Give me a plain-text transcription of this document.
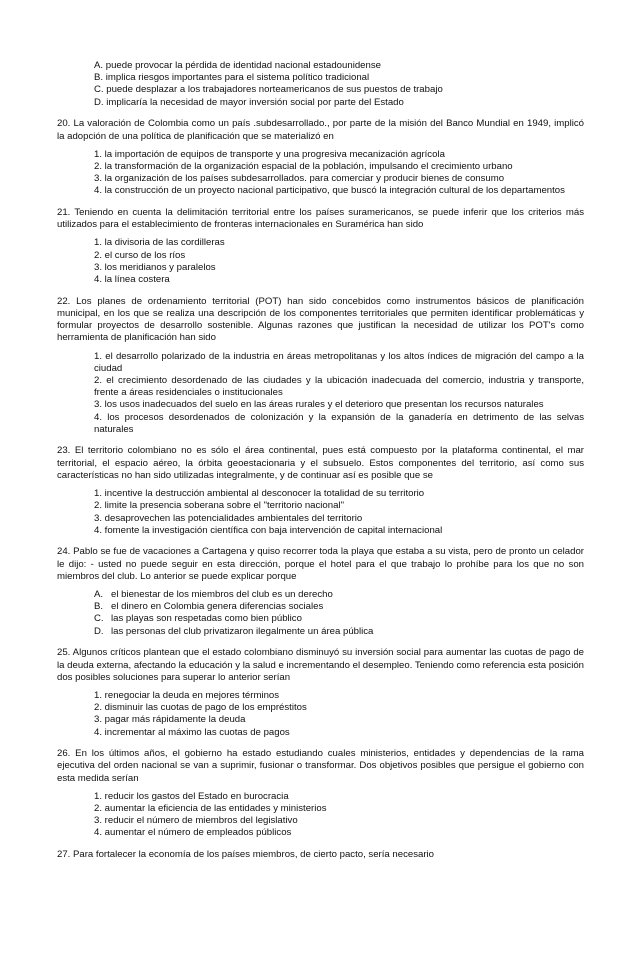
A. puede provocar la pérdida de identidad nacional estadounidense
B. implica riesgos importantes para el sistema político tradicional
C. puede desplazar a los trabajadores norteamericanos de sus puestos de trabajo
D. implicaría la necesidad de mayor inversión social por parte del Estado

20. La valoración de Colombia como un país .subdesarrollado., por parte de la misión del Banco Mundial en 1949, implicó la adopción de una política de planificación que se materializó en

1. la importación de equipos de transporte y una progresiva mecanización agrícola
2. la transformación de la organización espacial de la población, impulsando el crecimiento urbano
3. la organización de los países subdesarrollados. para comerciar y producir bienes de consumo
4. la construcción de un proyecto nacional participativo, que buscó la integración cultural de los departamentos

21. Teniendo en cuenta la delimitación territorial entre los países suramericanos, se puede inferir que los criterios más utilizados para el establecimiento de fronteras internacionales en Suramérica han sido

1. la divisoria de las cordilleras
2. el curso de los ríos
3. los meridianos y paralelos
4. la línea costera

22. Los planes de ordenamiento territorial (POT) han sido concebidos como instrumentos básicos de planificación municipal, en los que se realiza una descripción de los componentes territoriales que permiten identificar problemáticas y formular proyectos de desarrollo sostenible. Algunas razones que justifican la necesidad de utilizar los POT's como herramienta de planificación han sido

1. el desarrollo polarizado de la industria en áreas metropolitanas y los altos índices de migración del campo a la ciudad
2. el crecimiento desordenado de las ciudades y la ubicación inadecuada del comercio, industria y transporte, frente a áreas residenciales o institucionales
3. los usos inadecuados del suelo en las áreas rurales y el deterioro que presentan los recursos naturales
4. los procesos desordenados de colonización y la expansión de la ganadería en detrimento de las selvas naturales

23. El territorio colombiano no es sólo el área continental, pues está compuesto por la plataforma continental, el mar territorial, el espacio aéreo, la órbita geoestacionaria y el subsuelo. Estos componentes del territorio, así como sus características no han sido utilizadas integralmente, y de continuar así es posible que se

1. incentive la destrucción ambiental al desconocer la totalidad de su territorio
2. limite la presencia soberana sobre el "territorio nacional"
3. desaprovechen las potencialidades ambientales del territorio
4. fomente la investigación científica con baja intervención de capital internacional

24. Pablo se fue de vacaciones a Cartagena y quiso recorrer toda la playa que estaba a su vista, pero de pronto un celador le dijo: - usted no puede seguir en esta dirección, porque el hotel para el que trabajo lo prohíbe para los que no son miembros del club. Lo anterior se puede explicar porque

A. el bienestar de los miembros del club es un derecho
B. el dinero en Colombia genera diferencias sociales
C. las playas son respetadas como bien público
D. las personas del club privatizaron ilegalmente un área pública

25. Algunos críticos plantean que el estado colombiano disminuyó su inversión social para aumentar las cuotas de pago de la deuda externa, afectando la educación y la salud e incrementando el desempleo. Teniendo como referencia esta posición dos posibles soluciones para superar lo anterior serían

1. renegociar la deuda en mejores términos
2. disminuir las cuotas de pago de los empréstitos
3. pagar más rápidamente la deuda
4. incrementar al máximo las cuotas de pagos

26. En los últimos años, el gobierno ha estado estudiando cuales ministerios, entidades y dependencias de la rama ejecutiva del orden nacional se van a suprimir, fusionar o transformar. Dos objetivos posibles que persigue el gobierno con esta medida serían

1. reducir los gastos del Estado en burocracia
2. aumentar la eficiencia de las entidades y ministerios
3. reducir el número de miembros del legislativo
4. aumentar el número de empleados públicos

27. Para fortalecer la economía de los países miembros, de cierto pacto, sería necesario
